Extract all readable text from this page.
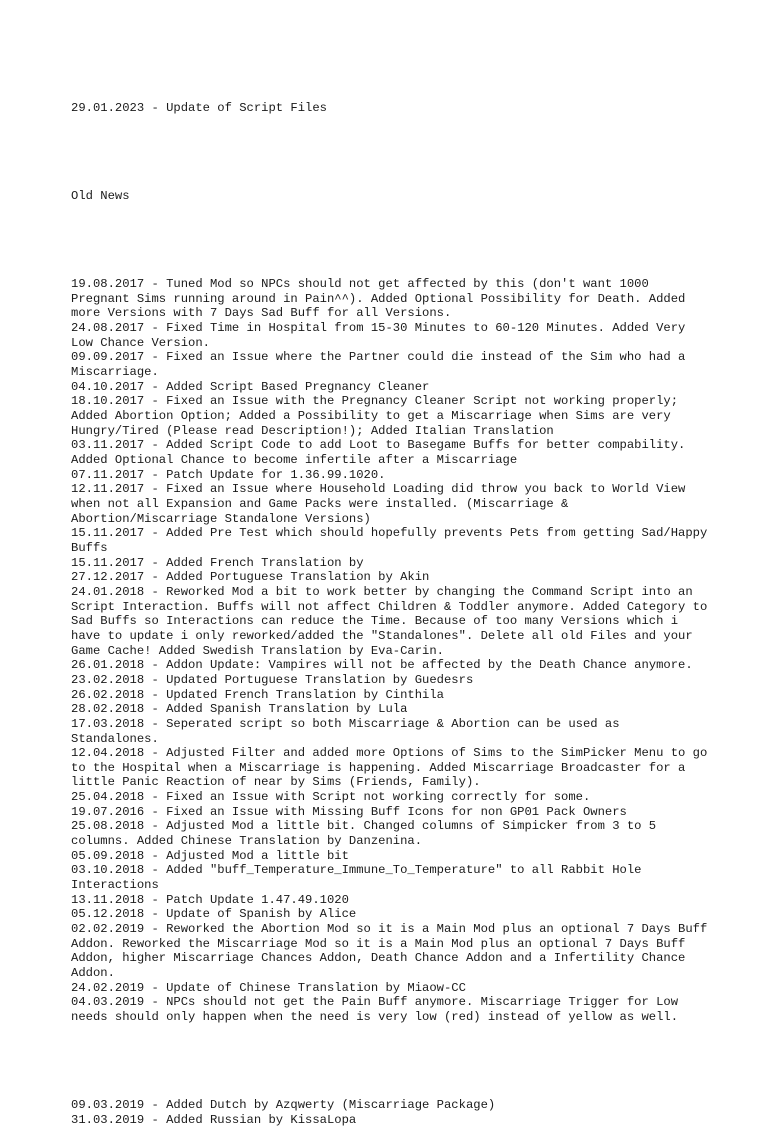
29.01.2023 - Update of Script Files

Old News

19.08.2017 - Tuned Mod so NPCs should not get affected by this (don't want 1000 Pregnant Sims running around in Pain^^). Added Optional Possibility for Death. Added more Versions with 7 Days Sad Buff for all Versions.

24.08.2017 - Fixed Time in Hospital from 15-30 Minutes to 60-120 Minutes. Added Very Low Chance Version.

09.09.2017 - Fixed an Issue where the Partner could die instead of the Sim who had a Miscarriage.

04.10.2017 - Added Script Based Pregnancy Cleaner

18.10.2017 - Fixed an Issue with the Pregnancy Cleaner Script not working properly; Added Abortion Option; Added a Possibility to get a Miscarriage when Sims are very Hungry/Tired (Please read Description!); Added Italian Translation

03.11.2017 - Added Script Code to add Loot to Basegame Buffs for better compability. Added Optional Chance to become infertile after a Miscarriage

07.11.2017 - Patch Update for 1.36.99.1020.

12.11.2017 - Fixed an Issue where Household Loading did throw you back to World View when not all Expansion and Game Packs were installed. (Miscarriage & Abortion/Miscarriage Standalone Versions)

15.11.2017 - Added Pre Test which should hopefully prevents Pets from getting Sad/Happy Buffs

15.11.2017 - Added French Translation by

27.12.2017 - Added Portuguese Translation by Akin

24.01.2018 - Reworked Mod a bit to work better by changing the Command Script into an Script Interaction. Buffs will not affect Children & Toddler anymore. Added Category to Sad Buffs so Interactions can reduce the Time. Because of too many Versions which i have to update i only reworked/added the "Standalones". Delete all old Files and your Game Cache! Added Swedish Translation by Eva-Carin.

26.01.2018 - Addon Update: Vampires will not be affected by the Death Chance anymore.

23.02.2018 - Updated Portuguese Translation by Guedesrs

26.02.2018 - Updated French Translation by Cinthila

28.02.2018 - Added Spanish Translation by Lula

17.03.2018 - Seperated script so both Miscarriage & Abortion can be used as Standalones.

12.04.2018 - Adjusted Filter and added more Options of Sims to the SimPicker Menu to go to the Hospital when a Miscarriage is happening. Added Miscarriage Broadcaster for a little Panic Reaction of near by Sims (Friends, Family).

25.04.2018 - Fixed an Issue with Script not working correctly for some.

19.07.2016 - Fixed an Issue with Missing Buff Icons for non GP01 Pack Owners

25.08.2018 - Adjusted Mod a little bit. Changed columns of Simpicker from 3 to 5 columns. Added Chinese Translation by Danzenina.

05.09.2018 - Adjusted Mod a little bit

03.10.2018 - Added "buff_Temperature_Immune_To_Temperature" to all Rabbit Hole Interactions

13.11.2018 - Patch Update 1.47.49.1020

05.12.2018 - Update of Spanish by Alice

02.02.2019 - Reworked the Abortion Mod so it is a Main Mod plus an optional 7 Days Buff Addon. Reworked the Miscarriage Mod so it is a Main Mod plus an optional 7 Days Buff Addon, higher Miscarriage Chances Addon, Death Chance Addon and a Infertility Chance Addon.

24.02.2019 - Update of Chinese Translation by Miaow-CC

04.03.2019 - NPCs should not get the Pain Buff anymore. Miscarriage Trigger for Low needs should only happen when the need is very low (red) instead of yellow as well.

09.03.2019 - Added Dutch by Azqwerty (Miscarriage Package)

31.03.2019 - Added Russian by KissaLopa
